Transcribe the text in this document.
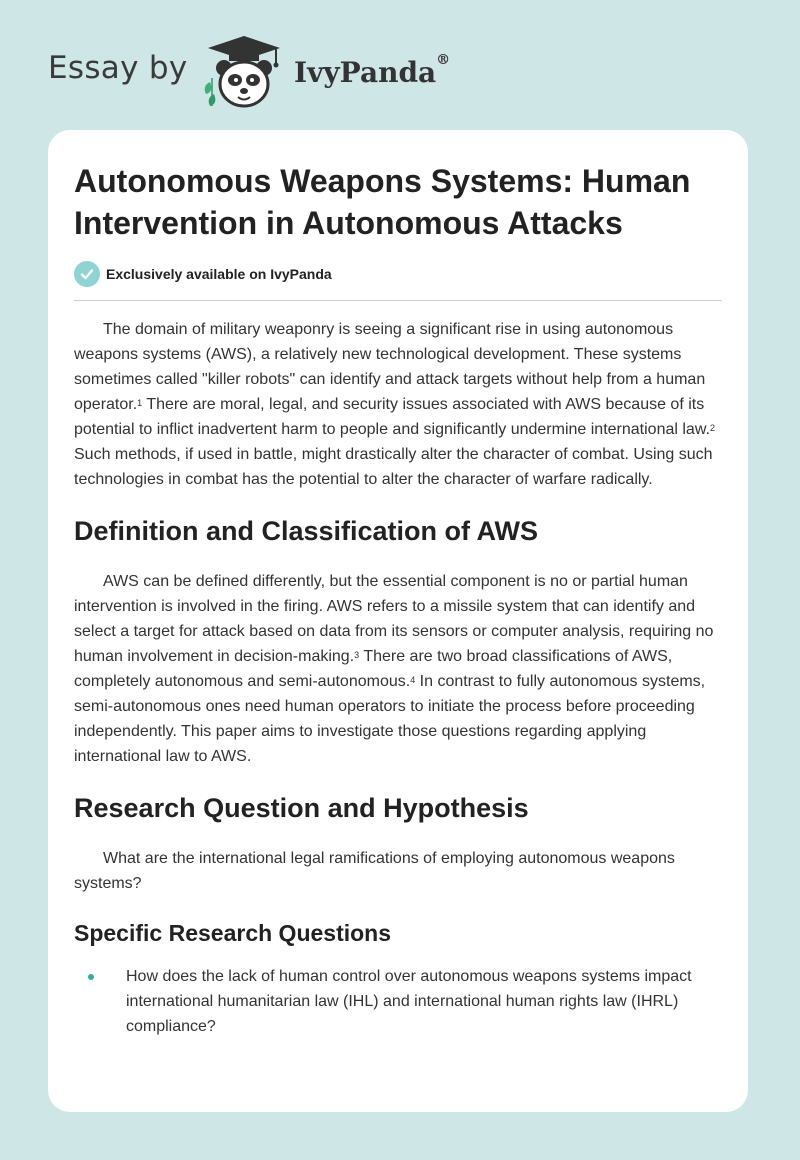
Essay by	IvyPanda®
Autonomous Weapons Systems: Human Intervention in Autonomous Attacks
Exclusively available on IvyPanda

The domain of military weaponry is seeing a significant rise in using autonomous weapons systems (AWS), a relatively new technological development. These systems sometimes called "killer robots" can identify and attack targets without help from a human operator.$^1$ There are moral, legal, and security issues associated with AWS because of its potential to inflict inadvertent harm to people and significantly undermine international law.$^2$ Such methods, if used in battle, might drastically alter the character of combat. Using such technologies in combat has the potential to alter the character of warfare radically.

Definition and Classification of AWS

AWS can be defined differently, but the essential component is no or partial human intervention is involved in the firing. AWS refers to a missile system that can identify and select a target for attack based on data from its sensors or computer analysis, requiring no human involvement in decision-making.$^3$ There are two broad classifications of AWS, completely autonomous and semi-autonomous.$^4$ In contrast to fully autonomous systems, semi-autonomous ones need human operators to initiate the process before proceeding independently. This paper aims to investigate those questions regarding applying international law to AWS.

Research Question and Hypothesis

What are the international legal ramifications of employing autonomous weapons systems?

Specific Research Questions
How does the lack of human control over autonomous weapons systems impact international humanitarian law (IHL) and international human rights law (IHRL) compliance?
